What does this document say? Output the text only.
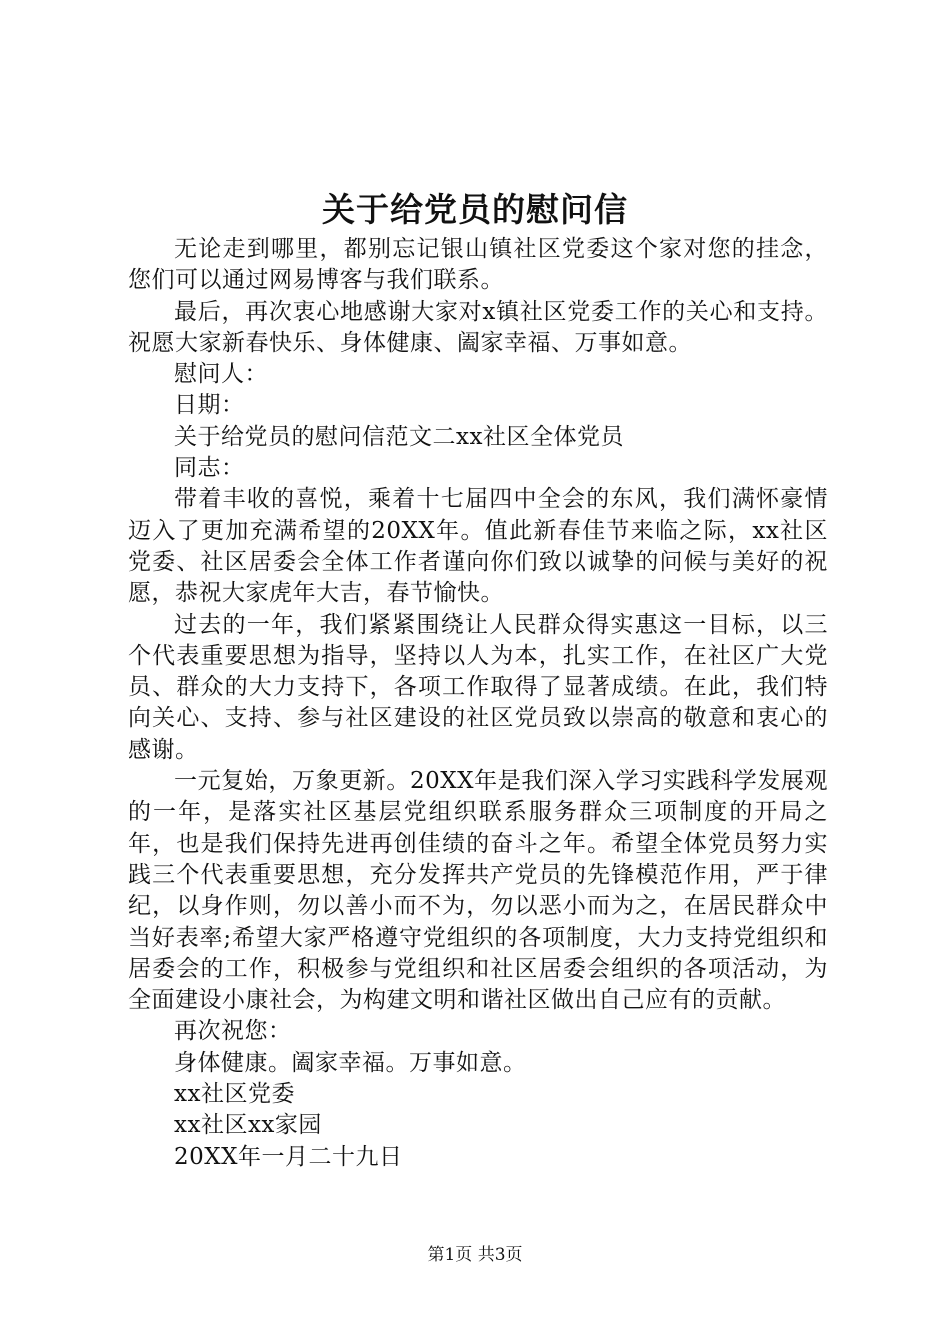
关于给党员的慰问信

无论走到哪里，都别忘记银山镇社区党委这个家对您的挂念，您们可以通过网易博客与我们联系。

最后，再次衷心地感谢大家对x镇社区党委工作的关心和支持。祝愿大家新春快乐、身体健康、阖家幸福、万事如意。

慰问人：

日期：

关于给党员的慰问信范文二xx社区全体党员

同志：

带着丰收的喜悦，乘着十七届四中全会的东风，我们满怀豪情迈入了更加充满希望的20XX年。值此新春佳节来临之际，xx社区党委、社区居委会全体工作者谨向你们致以诚挚的问候与美好的祝愿，恭祝大家虎年大吉，春节愉快。

过去的一年，我们紧紧围绕让人民群众得实惠这一目标，以三个代表重要思想为指导，坚持以人为本，扎实工作，在社区广大党员、群众的大力支持下，各项工作取得了显著成绩。在此，我们特向关心、支持、参与社区建设的社区党员致以崇高的敬意和衷心的感谢。

一元复始，万象更新。20XX年是我们深入学习实践科学发展观的一年，是落实社区基层党组织联系服务群众三项制度的开局之年，也是我们保持先进再创佳绩的奋斗之年。希望全体党员努力实践三个代表重要思想，充分发挥共产党员的先锋模范作用，严于律纪，以身作则，勿以善小而不为，勿以恶小而为之，在居民群众中当好表率;希望大家严格遵守党组织的各项制度，大力支持党组织和居委会的工作，积极参与党组织和社区居委会组织的各项活动，为全面建设小康社会，为构建文明和谐社区做出自己应有的贡献。

再次祝您：

身体健康。阖家幸福。万事如意。

xx社区党委

xx社区xx家园

20XX年一月二十九日

第1页 共3页
